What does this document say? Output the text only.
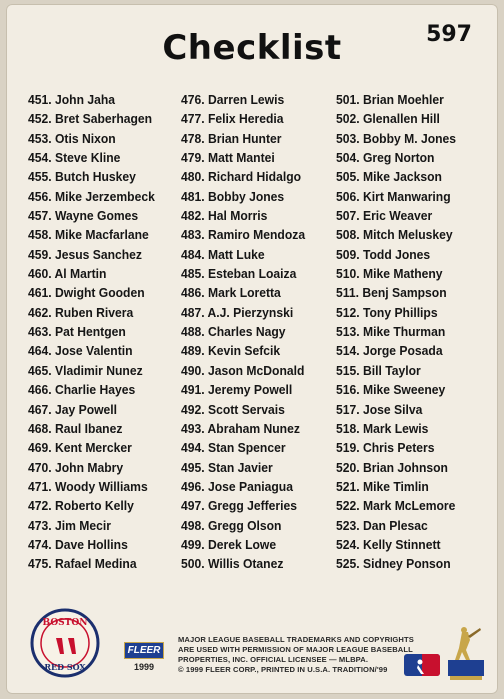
Checklist	597
451. John Jaha
452. Bret Saberhagen
453. Otis Nixon
454. Steve Kline
455. Butch Huskey
456. Mike Jerzembeck
457. Wayne Gomes
458. Mike Macfarlane
459. Jesus Sanchez
460. Al Martin
461. Dwight Gooden
462. Ruben Rivera
463. Pat Hentgen
464. Jose Valentin
465. Vladimir Nunez
466. Charlie Hayes
467. Jay Powell
468. Raul Ibanez
469. Kent Mercker
470. John Mabry
471. Woody Williams
472. Roberto Kelly
473. Jim Mecir
474. Dave Hollins
475. Rafael Medina
476. Darren Lewis
477. Felix Heredia
478. Brian Hunter
479. Matt Mantei
480. Richard Hidalgo
481. Bobby Jones
482. Hal Morris
483. Ramiro Mendoza
484. Matt Luke
485. Esteban Loaiza
486. Mark Loretta
487. A.J. Pierzynski
488. Charles Nagy
489. Kevin Sefcik
490. Jason McDonald
491. Jeremy Powell
492. Scott Servais
493. Abraham Nunez
494. Stan Spencer
495. Stan Javier
496. Jose Paniagua
497. Gregg Jefferies
498. Gregg Olson
499. Derek Lowe
500. Willis Otanez
501. Brian Moehler
502. Glenallen Hill
503. Bobby M. Jones
504. Greg Norton
505. Mike Jackson
506. Kirt Manwaring
507. Eric Weaver
508. Mitch Meluskey
509. Todd Jones
510. Mike Matheny
511. Benj Sampson
512. Tony Phillips
513. Mike Thurman
514. Jorge Posada
515. Bill Taylor
516. Mike Sweeney
517. Jose Silva
518. Mark Lewis
519. Chris Peters
520. Brian Johnson
521. Mike Timlin
522. Mark McLemore
523. Dan Plesac
524. Kelly Stinnett
525. Sidney Ponson
BOSTON
RED SOX
FLEER
1999
MAJOR LEAGUE BASEBALL TRADEMARKS AND COPYRIGHTS
ARE USED WITH PERMISSION OF MAJOR LEAGUE BASEBALL
PROPERTIES, INC. OFFICIAL LICENSEE — MLBPA.
© 1999 FLEER CORP., PRINTED IN U.S.A. TRADITION/'99
